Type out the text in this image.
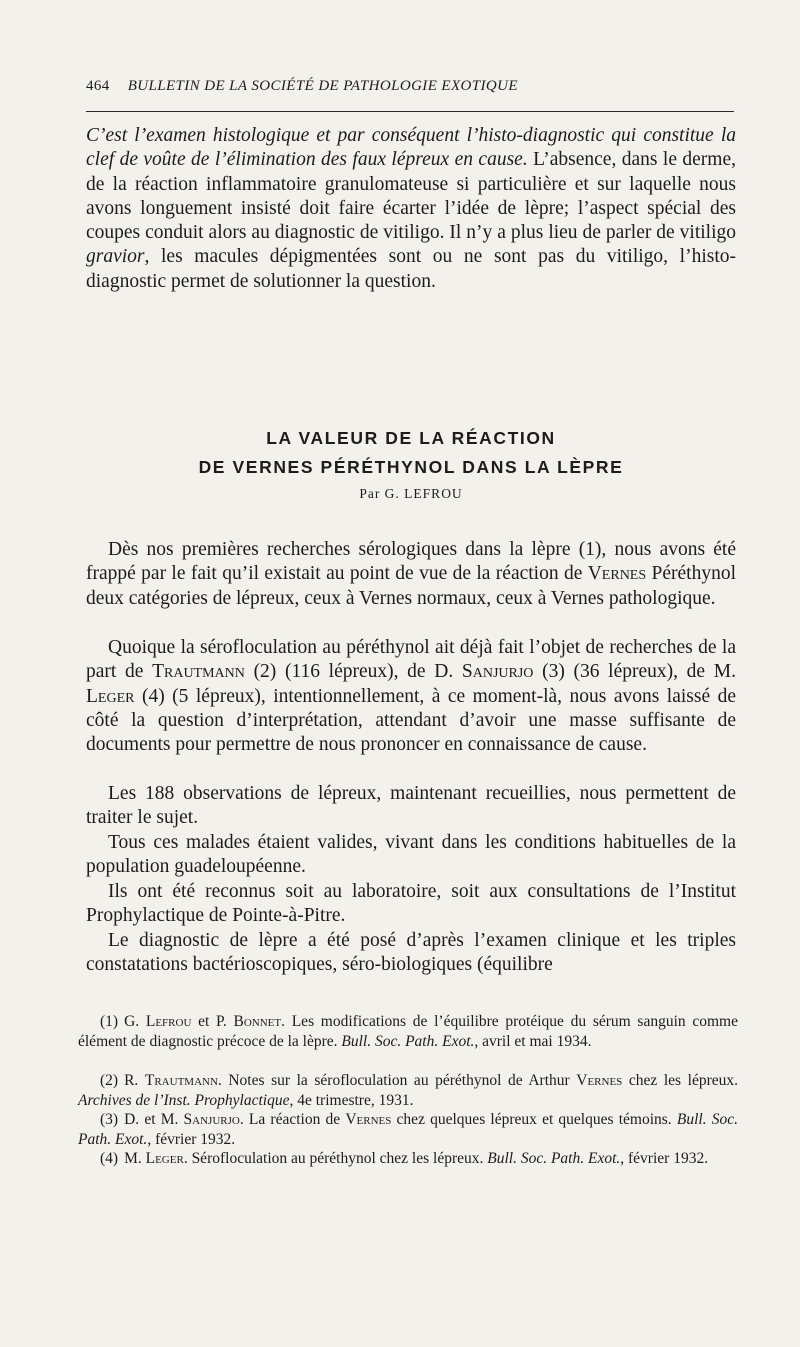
464 BULLETIN DE LA SOCIÉTÉ DE PATHOLOGIE EXOTIQUE

C’est l’examen histologique et par conséquent l’histo-diagnostic qui constitue la clef de voûte de l’élimination des faux lépreux en cause. L’absence, dans le derme, de la réaction inflammatoire granulomateuse si particulière et sur laquelle nous avons longuement insisté doit faire écarter l’idée de lèpre; l’aspect spécial des coupes conduit alors au diagnostic de vitiligo. Il n’y a plus lieu de parler de vitiligo gravior, les macules dépigmentées sont ou ne sont pas du vitiligo, l’histo-diagnostic permet de solutionner la question.

LA VALEUR DE LA RÉACTION

DE VERNES PÉRÉTHYNOL DANS LA LÈPRE

Par G. LEFROU

Dès nos premières recherches sérologiques dans la lèpre (1), nous avons été frappé par le fait qu’il existait au point de vue de la réaction de Vernes Péréthynol deux catégories de lépreux, ceux à Vernes normaux, ceux à Vernes pathologique.

Quoique la sérofloculation au péréthynol ait déjà fait l’objet de recherches de la part de Trautmann (2) (116 lépreux), de D. Sanjurjo (3) (36 lépreux), de M. Leger (4) (5 lépreux), intentionnellement, à ce moment-là, nous avons laissé de côté la question d’interprétation, attendant d’avoir une masse suffisante de documents pour permettre de nous prononcer en connaissance de cause.

Les 188 observations de lépreux, maintenant recueillies, nous permettent de traiter le sujet.

Tous ces malades étaient valides, vivant dans les conditions habituelles de la population guadeloupéenne.

Ils ont été reconnus soit au laboratoire, soit aux consultations de l’Institut Prophylactique de Pointe-à-Pitre.

Le diagnostic de lèpre a été posé d’après l’examen clinique et les triples constatations bactérioscopiques, séro-biologiques (équilibre

(1) G. Lefrou et P. Bonnet. Les modifications de l’équilibre protéique du sérum sanguin comme élément de diagnostic précoce de la lèpre. Bull. Soc. Path. Exot., avril et mai 1934.

(2) R. Trautmann. Notes sur la sérofloculation au péréthynol de Arthur Vernes chez les lépreux. Archives de l’Inst. Prophylactique, 4e trimestre, 1931.

(3) D. et M. Sanjurjo. La réaction de Vernes chez quelques lépreux et quelques témoins. Bull. Soc. Path. Exot., février 1932.

(4) M. Leger. Sérofloculation au péréthynol chez les lépreux. Bull. Soc. Path. Exot., février 1932.
